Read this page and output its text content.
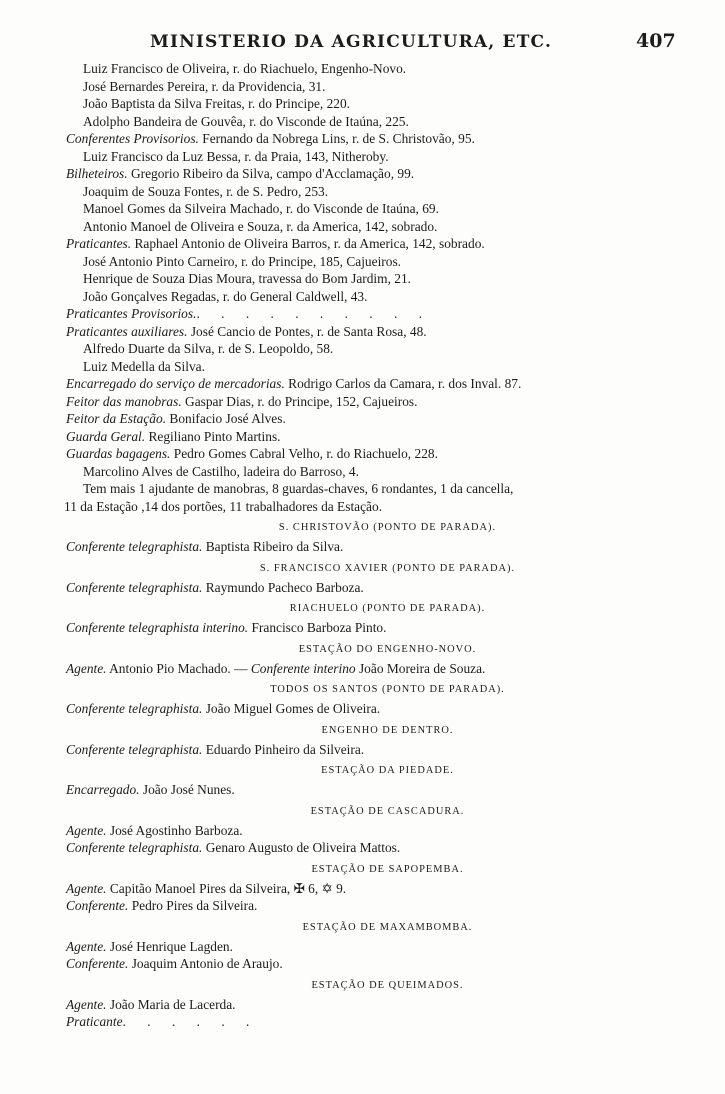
MINISTERIO DA AGRICULTURA, ETC.	407
Luiz Francisco de Oliveira, r. do Riachuelo, Engenho-Novo.
José Bernardes Pereira, r. da Providencia, 31.
João Baptista da Silva Freitas, r. do Principe, 220.
Adolpho Bandeira de Gouvêa, r. do Visconde de Itaúna, 225.
Conferentes Provisorios. Fernando da Nobrega Lins, r. de S. Christovão, 95.
Luiz Francisco da Luz Bessa, r. da Praia, 143, Nitheroby.
Bilheteiros. Gregorio Ribeiro da Silva, campo d'Acclamação, 99.
Joaquim de Souza Fontes, r. de S. Pedro, 253.
Manoel Gomes da Silveira Machado, r. do Visconde de Itaúna, 69.
Antonio Manoel de Oliveira e Souza, r. da America, 142, sobrado.
Praticantes. Raphael Antonio de Oliveira Barros, r. da America, 142, sobrado.
José Antonio Pinto Carneiro, r. do Principe, 185, Cajueiros.
Henrique de Souza Dias Moura, travessa do Bom Jardim, 21.
João Gonçalves Regadas, r. do General Caldwell, 43.
Praticantes Provisorios.. . . . . . . . . .
Praticantes auxiliares. José Cancio de Pontes, r. de Santa Rosa, 48.
Alfredo Duarte da Silva, r. de S. Leopoldo, 58.
Luiz Medella da Silva.
Encarregado do serviço de mercadorias. Rodrigo Carlos da Camara, r. dos Inval. 87.
Feitor das manobras. Gaspar Dias, r. do Principe, 152, Cajueiros.
Feitor da Estação. Bonifacio José Alves.
Guarda Geral. Regiliano Pinto Martins.
Guardas bagagens. Pedro Gomes Cabral Velho, r. do Riachuelo, 228.
Marcolino Alves de Castilho, ladeira do Barroso, 4.
Tem mais 1 ajudante de manobras, 8 guardas-chaves, 6 rondantes, 1 da cancella,
11 da Estação ,14 dos portões, 11 trabalhadores da Estação.
S. CHRISTOVÃO (PONTO DE PARADA).
Conferente telegraphista. Baptista Ribeiro da Silva.
S. FRANCISCO XAVIER (PONTO DE PARADA).
Conferente telegraphista. Raymundo Pacheco Barboza.
RIACHUELO (PONTO DE PARADA).
Conferente telegraphista interino. Francisco Barboza Pinto.
ESTAÇÃO DO ENGENHO-NOVO.
Agente. Antonio Pio Machado. — Conferente interino João Moreira de Souza.
TODOS OS SANTOS (PONTO DE PARADA).
Conferente telegraphista. João Miguel Gomes de Oliveira.
ENGENHO DE DENTRO.
Conferente telegraphista. Eduardo Pinheiro da Silveira.
ESTAÇÃO DA PIEDADE.
Encarregado. João José Nunes.
ESTAÇÃO DE CASCADURA.
Agente. José Agostinho Barboza.
Conferente telegraphista. Genaro Augusto de Oliveira Mattos.
ESTAÇÃO DE SAPOPEMBA.
Agente. Capitão Manoel Pires da Silveira, ✠ 6, ✡ 9.
Conferente. Pedro Pires da Silveira.
ESTAÇÃO DE MAXAMBOMBA.
Agente. José Henrique Lagden.
Conferente. Joaquim Antonio de Araujo.
ESTAÇÃO DE QUEIMADOS.
Agente. João Maria de Lacerda.
Praticante. . . . . .
